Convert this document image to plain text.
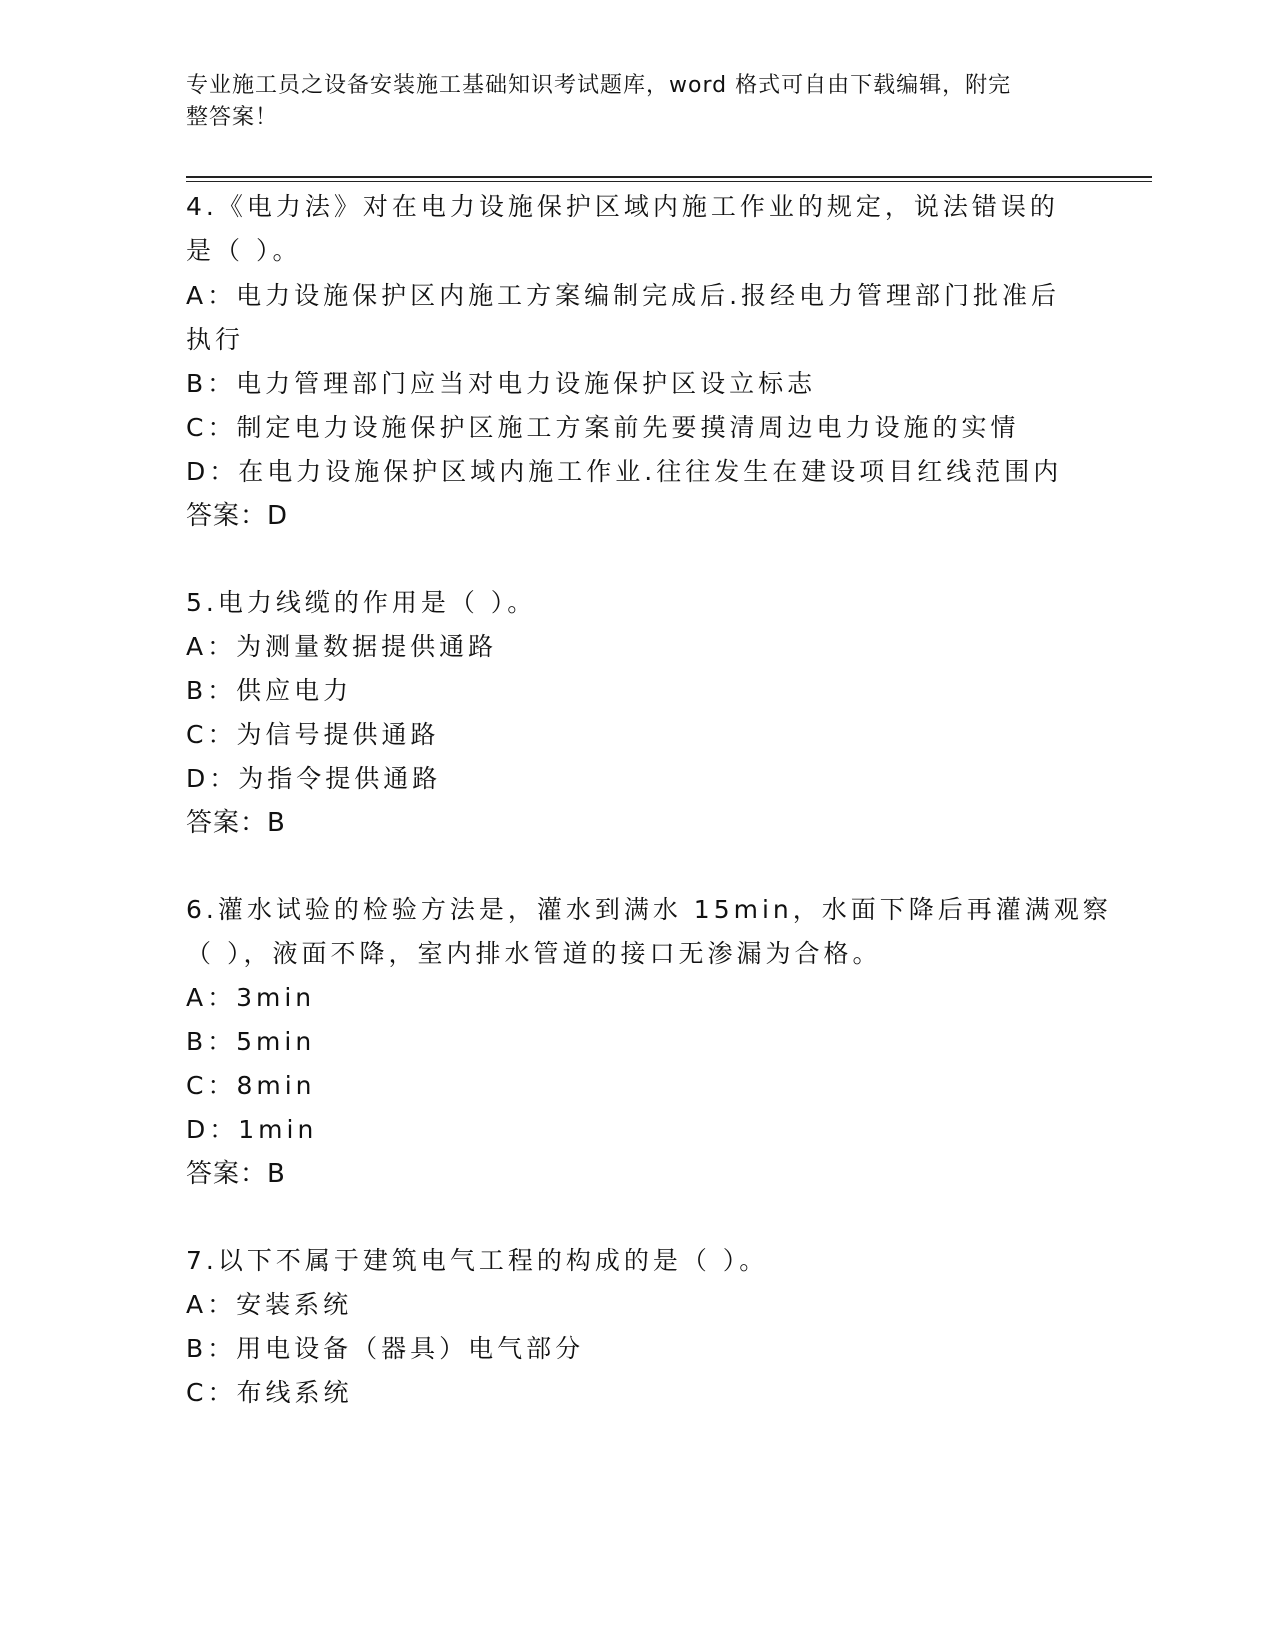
专业施工员之设备安装施工基础知识考试题库，word 格式可自由下载编辑，附完
整答案！
4.《电力法》对在电力设施保护区域内施工作业的规定，说法错误的
是（ ）。
A：电力设施保护区内施工方案编制完成后.报经电力管理部门批准后
执行
B：电力管理部门应当对电力设施保护区设立标志
C：制定电力设施保护区施工方案前先要摸清周边电力设施的实情
D：在电力设施保护区域内施工作业.往往发生在建设项目红线范围内
答案：D
5.电力线缆的作用是（ ）。
A：为测量数据提供通路
B：供应电力
C：为信号提供通路
D：为指令提供通路
答案：B
6.灌水试验的检验方法是，灌水到满水 15min，水面下降后再灌满观察
（ ），液面不降，室内排水管道的接口无渗漏为合格。
A：3min
B：5min
C：8min
D：1min
答案：B
7.以下不属于建筑电气工程的构成的是（ ）。
A：安装系统
B：用电设备（器具）电气部分
C：布线系统
